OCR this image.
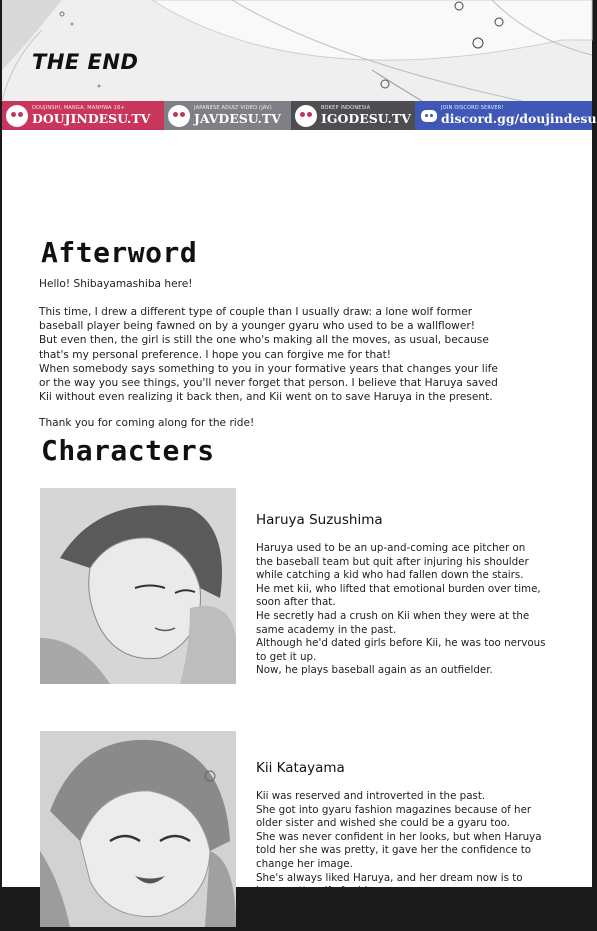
THE END
DOUJINSHI, MANGA, MANHWA 18+
DOUJINDESU.TV
JAPANESE ADULT VIDEO (JAV)
JAVDESU.TV
BOKEP INDONESIA
IGODESU.TV
JOIN DISCORD SERVER!
discord.gg/doujindesu
Afterword
Hello! Shibayamashiba here!

This time, I drew a different type of couple than I usually draw: a lone wolf former

baseball player being fawned on by a younger gyaru who used to be a wallflower!

But even then, the girl is still the one who's making all the moves, as usual, because

that's my personal preference. I hope you can forgive me for that!

When somebody says something to you in your formative years that changes your life

or the way you see things, you'll never forget that person. I believe that Haruya saved

Kii without even realizing it back then, and Kii went on to save Haruya in the present.

Thank you for coming along for the ride!
Characters
Haruya Suzushima
Haruya used to be an up-and-coming ace pitcher on
the baseball team but quit after injuring his shoulder
while catching a kid who had fallen down the stairs.
He met kii, who lifted that emotional burden over time,
soon after that.
He secretly had a crush on Kii when they were at the
same academy in the past.
Although he'd dated girls before Kii, he was too nervous
to get it up.
Now, he plays baseball again as an outfielder.
Kii Katayama
Kii was reserved and introverted in the past.
She got into gyaru fashion magazines because of her
older sister and wished she could be a gyaru too.
She was never confident in her looks, but when Haruya
told her she was pretty, it gave her the confidence to
change her image.
She's always liked Haruya, and her dream now is to
be a pretty wife for him.
